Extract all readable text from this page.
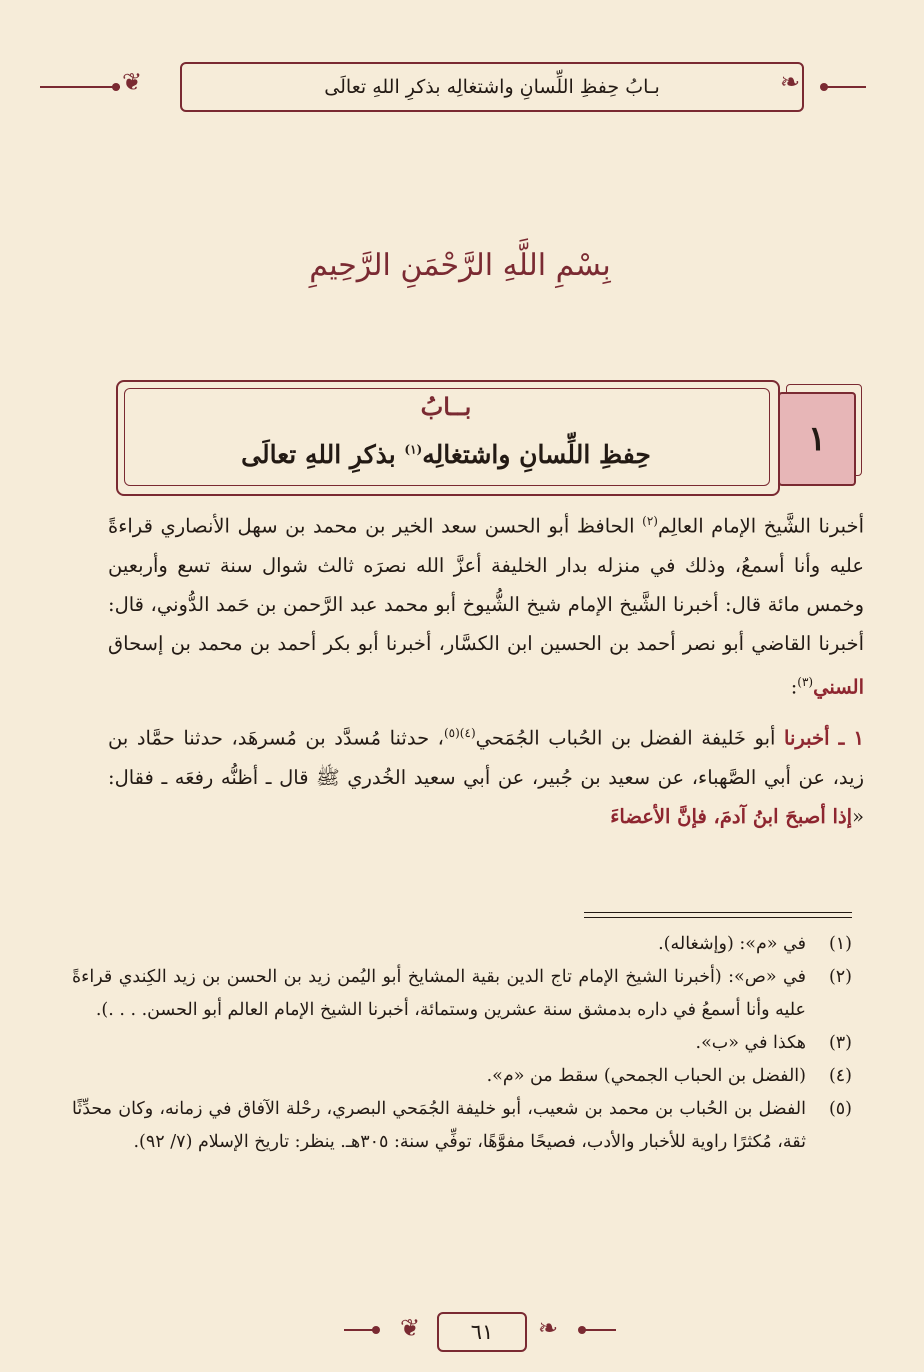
❦	بـابُ حِفظِ اللِّسانِ واشتغالِه بذكرِ اللهِ تعالَى	❧
بِسْمِ اللَّهِ الرَّحْمَنِ الرَّحِيمِ
بــابُ
حِفظِ اللِّسانِ واشتغالِه$^{(١)}$ بذكرِ اللهِ تعالَى	١

أخبرنا الشَّيخ الإمام العالِم$^{(٢)}$ الحافظ أبو الحسن سعد الخير بن محمد بن سهل الأنصاري قراءةً عليه وأنا أسمعُ، وذلك في منزله بدار الخليفة أعزَّ الله نصرَه ثالث شوال سنة تسع وأربعين وخمس مائة قال: أخبرنا الشَّيخ الإمام شيخ الشُّيوخ أبو محمد عبد الرَّحمن بن حَمد الدُّوني، قال: أخبرنا القاضي أبو نصر أحمد بن الحسين ابن الكسَّار، أخبرنا أبو بكر أحمد بن محمد بن إسحاق السني$^{(٣)}$:

١ ـ أخبرنا أبو خَليفة الفضل بن الحُباب الجُمَحي$^{(٤)(٥)}$، حدثنا مُسدَّد بن مُسرهَد، حدثنا حمَّاد بن زيد، عن أبي الصَّهباء، عن سعيد بن جُبير، عن أبي سعيد الخُدري ﷺ قال ـ أظنُّه رفعَه ـ فقال: «إذا أصبحَ ابنُ آدمَ، فإنَّ الأعضاءَ

(١)
في «م»: (وإشغاله).
(٢)
في «ص»: (أخبرنا الشيخ الإمام تاج الدين بقية المشايخ أبو اليُمن زيد بن الحسن بن زيد الكِندي قراءةً عليه وأنا أسمعُ في داره بدمشق سنة عشرين وستمائة، أخبرنا الشيخ الإمام العالم أبو الحسن. . . .).
(٣)
هكذا في «ب».
(٤)
(الفضل بن الحباب الجمحي) سقط من «م».
(٥)
الفضل بن الحُباب بن محمد بن شعيب، أبو خليفة الجُمَحي البصري، رحْلة الآفاق في زمانه، وكان محدِّثًا ثقة، مُكثرًا راوية للأخبار والأدب، فصيحًا مفوَّهًا، توفِّي سنة: ٣٠٥هـ. ينظر: تاريخ الإسلام (٧/ ٩٢).
❦ ٦١ ❧
